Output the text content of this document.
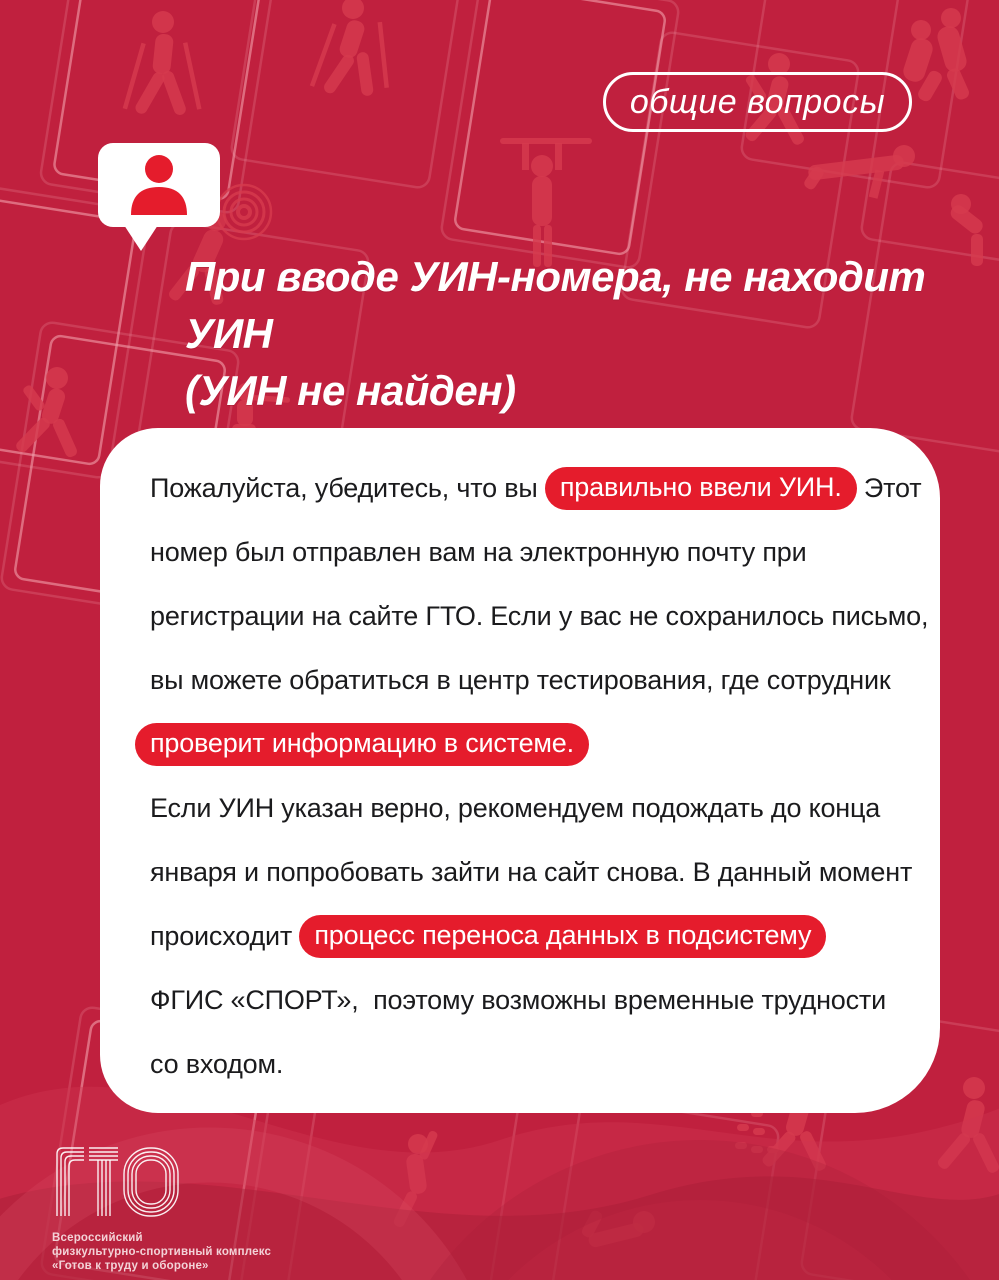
общие вопросы
При вводе УИН-номера, не находит УИН
(УИН не найден)
Пожалуйста, убедитесь, что вы правильно ввели УИН. Этот
номер был отправлен вам на электронную почту при
регистрации на сайте ГТО. Если у вас не сохранилось письмо,
вы можете обратиться в центр тестирования, где сотрудник
проверит информацию в системе.
Если УИН указан верно, рекомендуем подождать до конца
января и попробовать зайти на сайт снова. В данный момент
происходит процесс переноса данных в подсистему
ФГИС «СПОРТ»,  поэтому возможны временные трудности
со входом.
Всероссийский
физкультурно-спортивный комплекс
«Готов к труду и обороне»
